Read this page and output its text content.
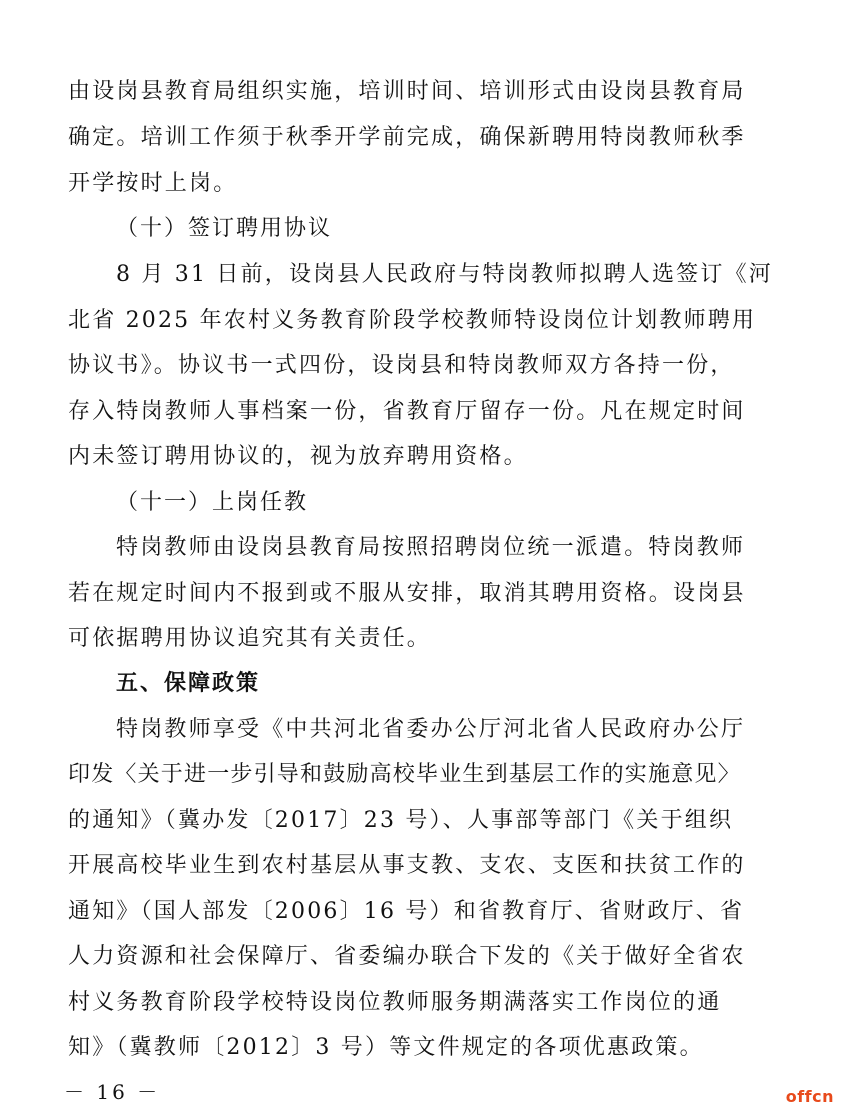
由设岗县教育局组织实施，培训时间、培训形式由设岗县教育局
确定。培训工作须于秋季开学前完成，确保新聘用特岗教师秋季
开学按时上岗。
（十）签订聘用协议
8 月 31 日前，设岗县人民政府与特岗教师拟聘人选签订《河
北省 2025 年农村义务教育阶段学校教师特设岗位计划教师聘用
协议书》。协议书一式四份，设岗县和特岗教师双方各持一份，
存入特岗教师人事档案一份，省教育厅留存一份。凡在规定时间
内未签订聘用协议的，视为放弃聘用资格。
（十一）上岗任教
特岗教师由设岗县教育局按照招聘岗位统一派遣。特岗教师
若在规定时间内不报到或不服从安排，取消其聘用资格。设岗县
可依据聘用协议追究其有关责任。
五、保障政策
特岗教师享受《中共河北省委办公厅河北省人民政府办公厅
印发〈关于进一步引导和鼓励高校毕业生到基层工作的实施意见〉
的通知》（冀办发〔2017〕23 号）、人事部等部门《关于组织
开展高校毕业生到农村基层从事支教、支农、支医和扶贫工作的
通知》（国人部发〔2006〕16 号）和省教育厅、省财政厅、省
人力资源和社会保障厅、省委编办联合下发的《关于做好全省农
村义务教育阶段学校特设岗位教师服务期满落实工作岗位的通
知》（冀教师〔2012〕3 号）等文件规定的各项优惠政策。
－ 16 －	offcn
